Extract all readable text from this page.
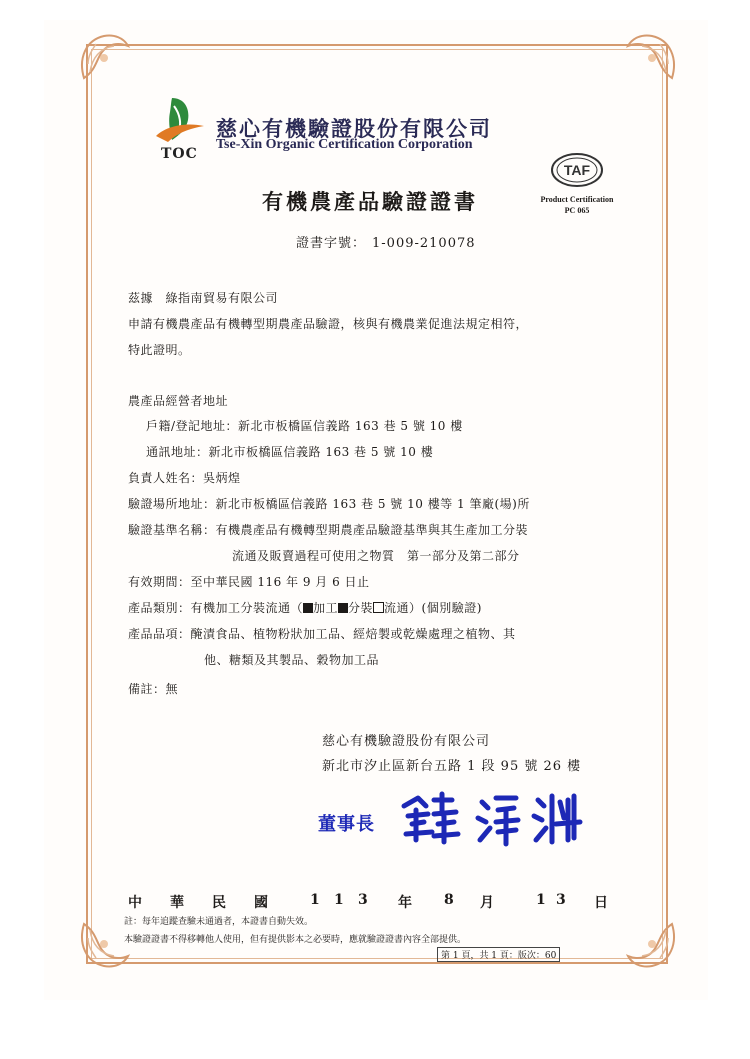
TOC
慈心有機驗證股份有限公司
Tse-Xin Organic Certification Corporation
TAF
Product Certification
PC 065
有機農產品驗證證書
證書字號： 1-009-210078
茲據　綠指南貿易有限公司
申請有機農產品有機轉型期農產品驗證，核與有機農業促進法規定相符，
特此證明。
農產品經營者地址
戶籍/登記地址：新北市板橋區信義路 163 巷 5 號 10 樓
通訊地址：新北市板橋區信義路 163 巷 5 號 10 樓
負責人姓名：吳炳煌
驗證場所地址：新北市板橋區信義路 163 巷 5 號 10 樓等 1 筆廠(場)所
驗證基準名稱：有機農產品有機轉型期農產品驗證基準與其生產加工分裝
流通及販賣過程可使用之物質　第一部分及第二部分
有效期間：至中華民國 116 年 9 月 6 日止
產品類別：有機加工分裝流通（ 加工 分裝 流通）(個別驗證)
產品品項：醃漬食品、植物粉狀加工品、經焙製或乾燥處理之植物、其
他、糖類及其製品、穀物加工品
備註：無
慈心有機驗證股份有限公司
新北市汐止區新台五路 1 段 95 號 26 樓
董事長
中 華 民 國	1 1 3 年 8 月	1 3 日
註：每年追蹤查驗未通過者，本證書自動失效。
本驗證證書不得移轉他人使用，但有提供影本之必要時，應就驗證證書內容全部提供。
第 1 頁，共 1 頁：版次：60
